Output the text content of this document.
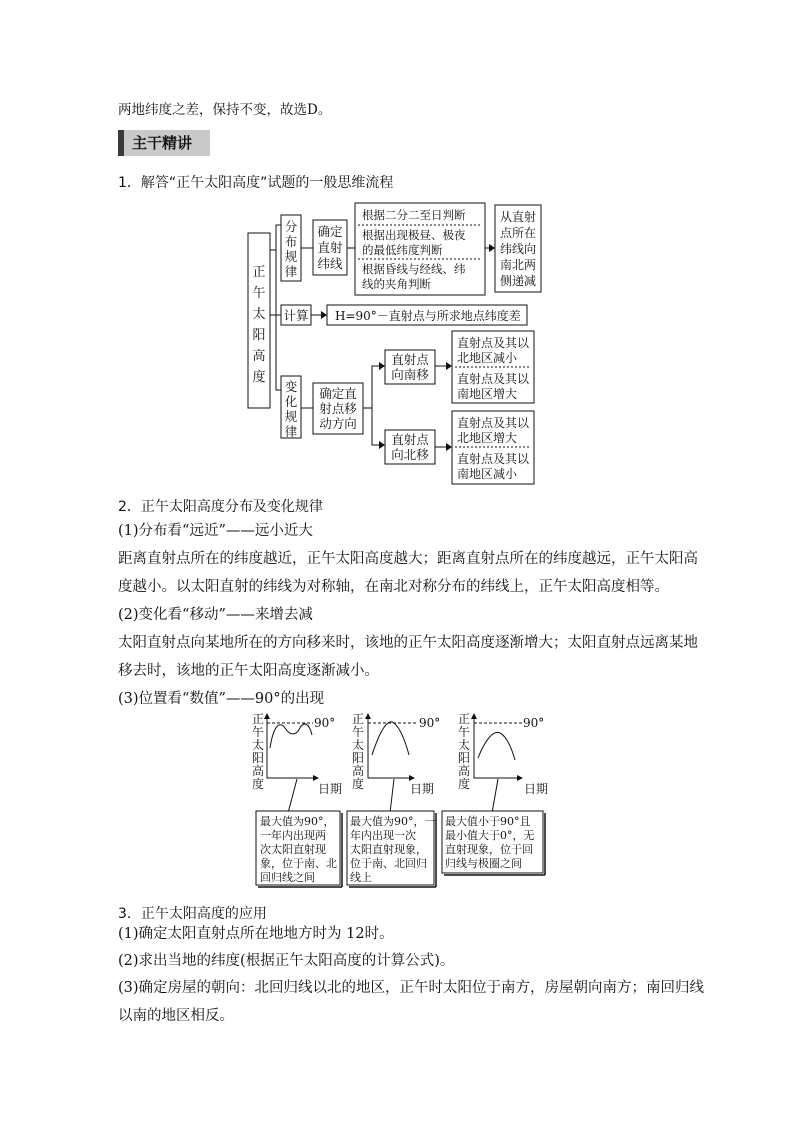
两地纬度之差，保持不变，故选D。
主干精讲
1．解答“正午太阳高度”试题的一般思维流程
正
午
太
阳
高
度
分
布
规
律
确定
直射
纬线
根据二分二至日判断
根据出现极昼、极夜
的最低纬度判断
根据昏线与经线、纬
线的夹角判断
从直射
点所在
纬线向
南北两
侧递减
计算 H=90°－直射点与所求地点纬度差
变
化
规
律
确定直
射点移
动方向
直射点
向南移
直射点
向北移
直射点及其以
北地区减小
直射点及其以
南地区增大
直射点及其以
北地区增大
直射点及其以
南地区减小
2．正午太阳高度分布及变化规律
(1)分布看“远近”——远小近大
距离直射点所在的纬度越近，正午太阳高度越大；距离直射点所在的纬度越远，正午太阳高
度越小。以太阳直射的纬线为对称轴，在南北对称分布的纬线上，正午太阳高度相等。
(2)变化看“移动”——来增去减
太阳直射点向某地所在的方向移来时，该地的正午太阳高度逐渐增大；太阳直射点远离某地
移去时，该地的正午太阳高度逐渐减小。
(3)位置看“数值”——90°的出现
正
午
太
阳
高
度
90°
日期
最大值为90°，
一年内出现两
次太阳直射现
象，位于南、北
回归线之间
正
午
太
阳
高
度
90°
日期
最大值为90°，一
年内出现一次
太阳直射现象，
位于南、北回归
线上
正
午
太
阳
高
度
90°
日期
最大值小于90°且
最小值大于0°，无
直射现象，位于回
归线与极圈之间
3．正午太阳高度的应用
(1)确定太阳直射点所在地地方时为 12时。
(2)求出当地的纬度(根据正午太阳高度的计算公式)。
(3)确定房屋的朝向：北回归线以北的地区，正午时太阳位于南方，房屋朝向南方；南回归线
以南的地区相反。
